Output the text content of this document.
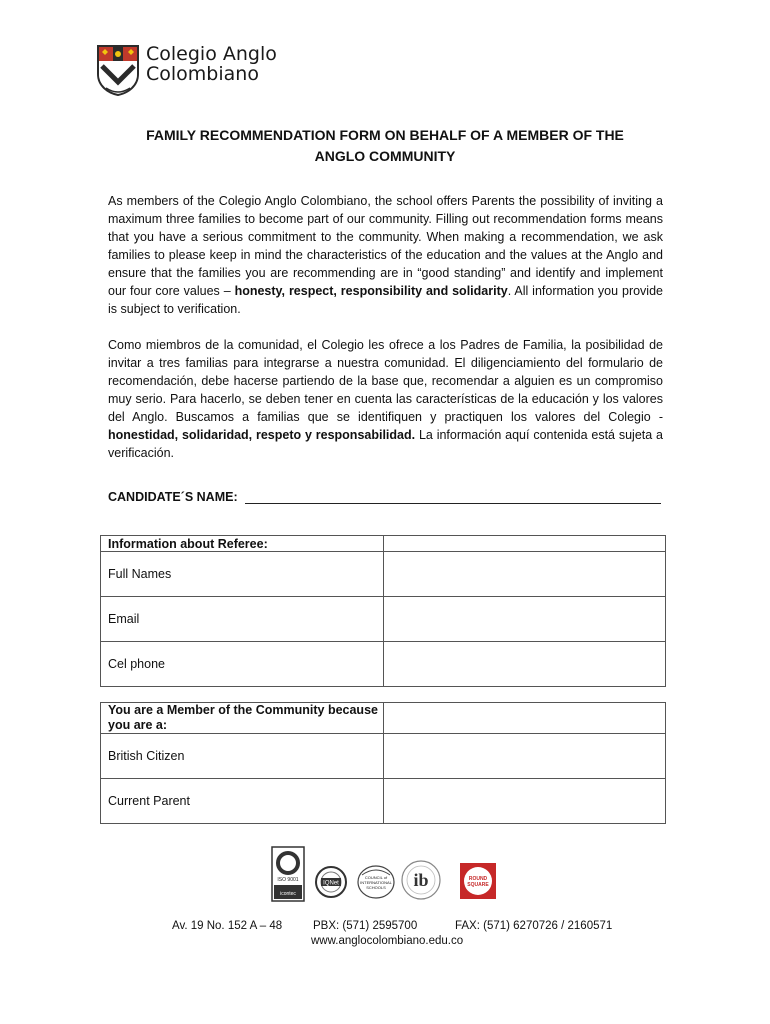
Colegio Anglo
Colombiano
FAMILY RECOMMENDATION FORM ON BEHALF OF A MEMBER OF THE
ANGLO COMMUNITY
As members of the Colegio Anglo Colombiano, the school offers Parents the possibility of inviting a maximum three families to become part of our community. Filling out recommendation forms means that you have a serious commitment to the community. When making a recommendation, we ask families to please keep in mind the characteristics of the education and the values at the Anglo and ensure that the families you are recommending are in “good standing” and identify and implement our four core values – honesty, respect, responsibility and solidarity. All information you provide is subject to verification.
Como miembros de la comunidad, el Colegio les ofrece a los Padres de Familia, la posibilidad de invitar a tres familias para integrarse a nuestra comunidad. El diligenciamiento del formulario de recomendación, debe hacerse partiendo de la base que, recomendar a alguien es un compromiso muy serio. Para hacerlo, se deben tener en cuenta las características de la educación y los valores del Anglo. Buscamos a familias que se identifiquen y practiquen los valores del Colegio - honestidad, solidaridad, respeto y responsabilidad. La información aquí contenida está sujeta a verificación.
CANDIDATE´S NAME:
Information about Referee:	
Full Names	
Email	
Cel phone	
You are a Member of the Community because you are a:	
British Citizen	
Current Parent	
ISO 9001
icontec
IQNet
COUNCIL of
INTERNATIONAL
SCHOOLS ib	ROUND
SQUARE
Av. 19 No. 152 A – 48	PBX: (571) 2595700	FAX: (571) 6270726 / 2160571
www.anglocolombiano.edu.co
